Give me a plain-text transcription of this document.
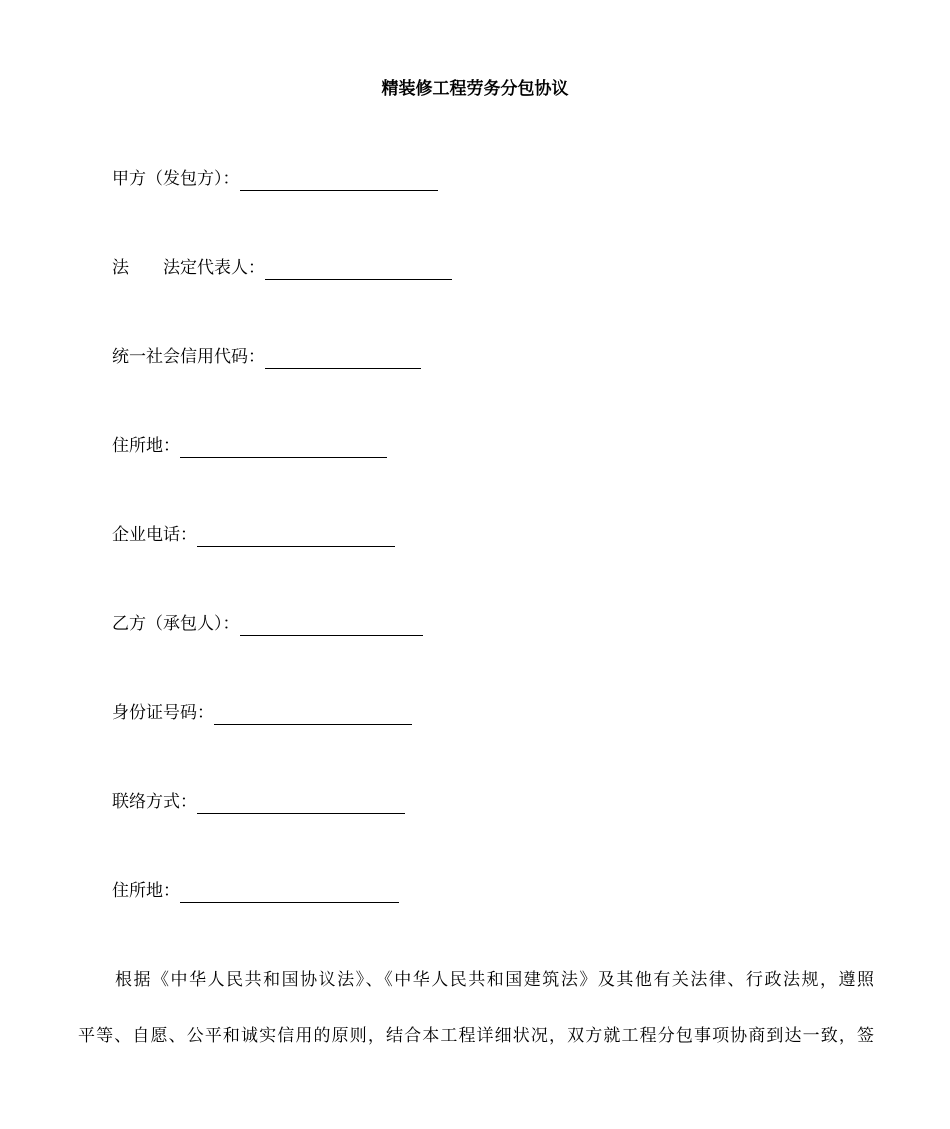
精装修工程劳务分包协议
甲方（发包方）：
法　　法定代表人：
统一社会信用代码：
住所地：
企业电话：
乙方（承包人）：
身份证号码：
联络方式：
住所地：
　　根据《中华人民共和国协议法》、《中华人民共和国建筑法》及其他有关法律、行政法规，遵照
平等、自愿、公平和诚实信用的原则，结合本工程详细状况，双方就工程分包事项协商到达一致，签
